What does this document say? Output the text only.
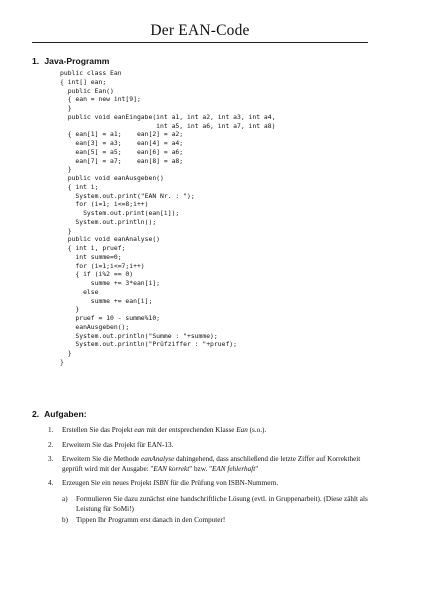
Der EAN-Code
1. Java-Programm
public class Ean
{ int[] ean;
public Ean()
{ ean = new int[9];
}
public void eanEingabe(int a1, int a2, int a3, int a4,
int a5, int a6, int a7, int a8)
{ ean[1] = a1;    ean[2] = a2;
ean[3] = a3;    ean[4] = a4;
ean[5] = a5;    ean[6] = a6;
ean[7] = a7;    ean[8] = a8;
}
public void eanAusgeben()
{ int i;
System.out.print("EAN Nr. : ");
for (i=1; i<=8;i++)
System.out.print(ean[i]);
System.out.println();
}
public void eanAnalyse()
{ int i, pruef;
int summe=0;
for (i=1;i<=7;i++)
{ if (i%2 == 0)
summe += 3*ean[i];
else
summe += ean[i];
}
pruef = 10 - summe%10;
eanAusgeben();
System.out.println("Summe : "+summe);
System.out.println("Prüfziffer : "+pruef);
}
}
2. Aufgaben:
1. Erstellen Sie das Projekt ean mit der entsprechenden Klasse Ean (s.o.).
2. Erweitern Sie das Projekt für EAN-13.
3. Erweitern Sie die Methode eanAnalyse dahingehend, dass anschließend die letzte Ziffer auf Korrektheit geprüft wird mit der Ausgabe: "EAN korrekt" bzw. "EAN fehlerhaft"
4. Erzeugen Sie ein neues Projekt ISBN für die Prüfung von ISBN-Nummern.
a) Formulieren Sie dazu zunächst eine handschriftliche Lösung (evtl. in Gruppenarbeit). (Diese zählt als Leistung für SoMi!)
b) Tippen Ihr Programm erst danach in den Computer!
